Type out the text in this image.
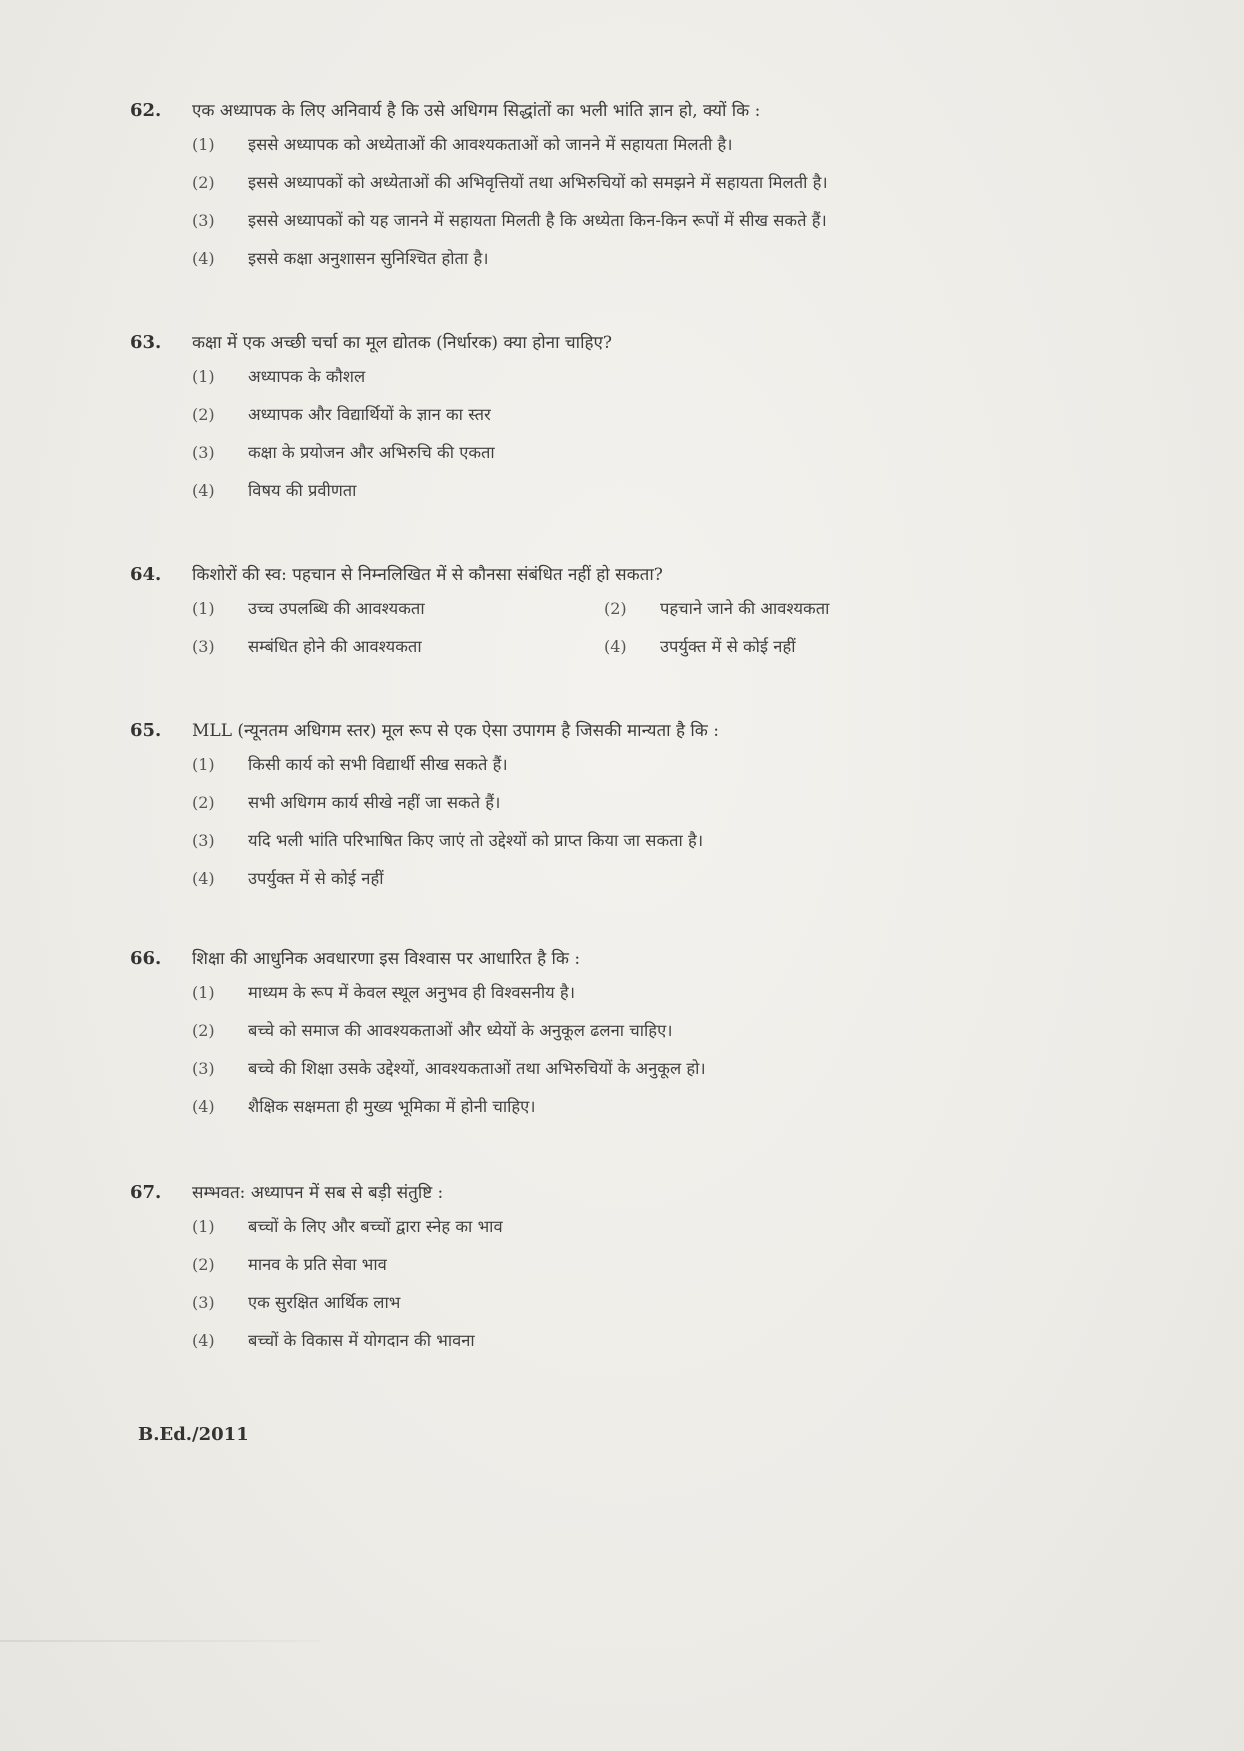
62.	एक अध्यापक के लिए अनिवार्य है कि उसे अधिगम सिद्धांतों का भली भांति ज्ञान हो, क्यों कि :
(1)	इससे अध्यापक को अध्येताओं की आवश्यकताओं को जानने में सहायता मिलती है।
(2)	इससे अध्यापकों को अध्येताओं की अभिवृत्तियों तथा अभिरुचियों को समझने में सहायता मिलती है।
(3)	इससे अध्यापकों को यह जानने में सहायता मिलती है कि अध्येता किन-किन रूपों में सीख सकते हैं।
(4)	इससे कक्षा अनुशासन सुनिश्चित होता है।
63.	कक्षा में एक अच्छी चर्चा का मूल द्योतक (निर्धारक) क्या होना चाहिए?
(1)	अध्यापक के कौशल
(2)	अध्यापक और विद्यार्थियों के ज्ञान का स्तर
(3)	कक्षा के प्रयोजन और अभिरुचि की एकता
(4)	विषय की प्रवीणता
64.	किशोरों की स्व: पहचान से निम्नलिखित में से कौनसा संबंधित नहीं हो सकता?
(1)	उच्च उपलब्धि की आवश्यकता	(2)	पहचाने जाने की आवश्यकता
(3)	सम्बंधित होने की आवश्यकता	(4)	उपर्युक्त में से कोई नहीं
65.	MLL (न्यूनतम अधिगम स्तर) मूल रूप से एक ऐसा उपागम है जिसकी मान्यता है कि :
(1)	किसी कार्य को सभी विद्यार्थी सीख सकते हैं।
(2)	सभी अधिगम कार्य सीखे नहीं जा सकते हैं।
(3)	यदि भली भांति परिभाषित किए जाएं तो उद्देश्यों को प्राप्त किया जा सकता है।
(4)	उपर्युक्त में से कोई नहीं
66.	शिक्षा की आधुनिक अवधारणा इस विश्वास पर आधारित है कि :
(1)	माध्यम के रूप में केवल स्थूल अनुभव ही विश्वसनीय है।
(2)	बच्चे को समाज की आवश्यकताओं और ध्येयों के अनुकूल ढलना चाहिए।
(3)	बच्चे की शिक्षा उसके उद्देश्यों, आवश्यकताओं तथा अभिरुचियों के अनुकूल हो।
(4)	शैक्षिक सक्षमता ही मुख्य भूमिका में होनी चाहिए।
67.	सम्भवत: अध्यापन में सब से बड़ी संतुष्टि :
(1)	बच्चों के लिए और बच्चों द्वारा स्नेह का भाव
(2)	मानव के प्रति सेवा भाव
(3)	एक सुरक्षित आर्थिक लाभ
(4)	बच्चों के विकास में योगदान की भावना
B.Ed./2011
